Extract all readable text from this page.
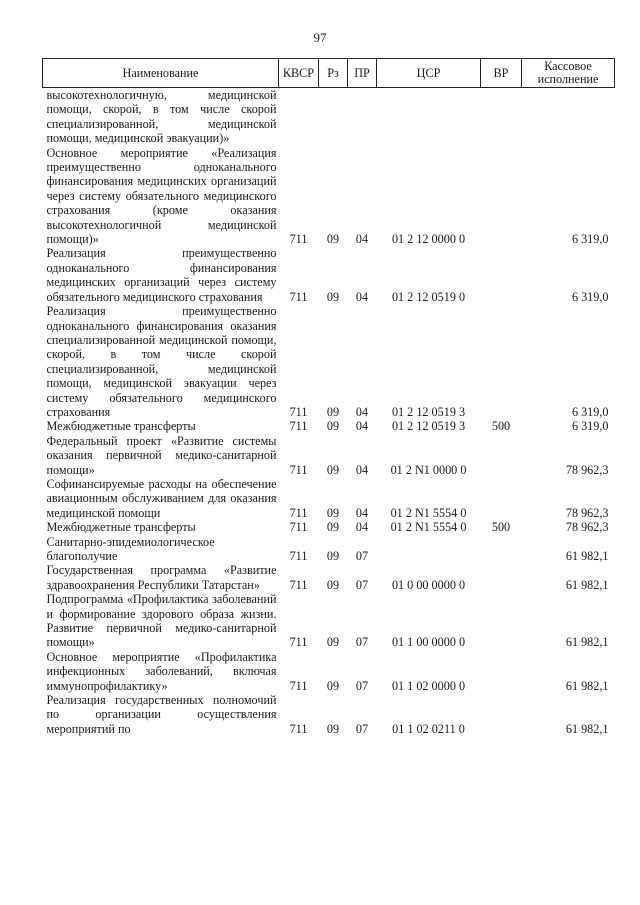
97
Наименование	КВСР	Рз	ПР	ЦСР	ВР	Кассовое исполнение
высокотехнологичную, медицинской помощи, скорой, в том числе скорой специализированной, медицинской помощи, медицинской эвакуации)»						
Основное мероприятие «Реализация преимущественно одноканального финансирования медицинских организаций через систему обязательного медицинского страхования (кроме оказания высокотехнологичной медицинской помощи)»	711	09	04	01 2 12 0000 0		6 319,0
Реализация преимущественно одноканального финансирования медицинских организаций через систему обязательного медицинского страхования	711	09	04	01 2 12 0519 0		6 319,0
Реализация преимущественно одноканального финансирования оказания специализированной медицинской помощи, скорой, в том числе скорой специализированной, медицинской помощи, медицинской эвакуации через систему обязательного медицинского страхования	711	09	04	01 2 12 0519 3		6 319,0
Межбюджетные трансферты	711	09	04	01 2 12 0519 3	500	6 319,0
Федеральный проект «Развитие системы оказания первичной медико-санитарной помощи»	711	09	04	01 2 N1 0000 0		78 962,3
Софинансируемые расходы на обеспечение авиационным обслуживанием для оказания медицинской помощи	711	09	04	01 2 N1 5554 0		78 962,3
Межбюджетные трансферты	711	09	04	01 2 N1 5554 0	500	78 962,3
Санитарно-эпидемиологическое благополучие	711	09	07			61 982,1
Государственная программа «Развитие здравоохранения Республики Татарстан»	711	09	07	01 0 00 0000 0		61 982,1
Подпрограмма «Профилактика заболеваний и формирование здорового образа жизни. Развитие первичной медико-санитарной помощи»	711	09	07	01 1 00 0000 0		61 982,1
Основное мероприятие «Профилактика инфекционных заболеваний, включая иммунопрофилактику»	711	09	07	01 1 02 0000 0		61 982,1
Реализация государственных полномочий по организации осуществления мероприятий по	711	09	07	01 1 02 0211 0		61 982,1
